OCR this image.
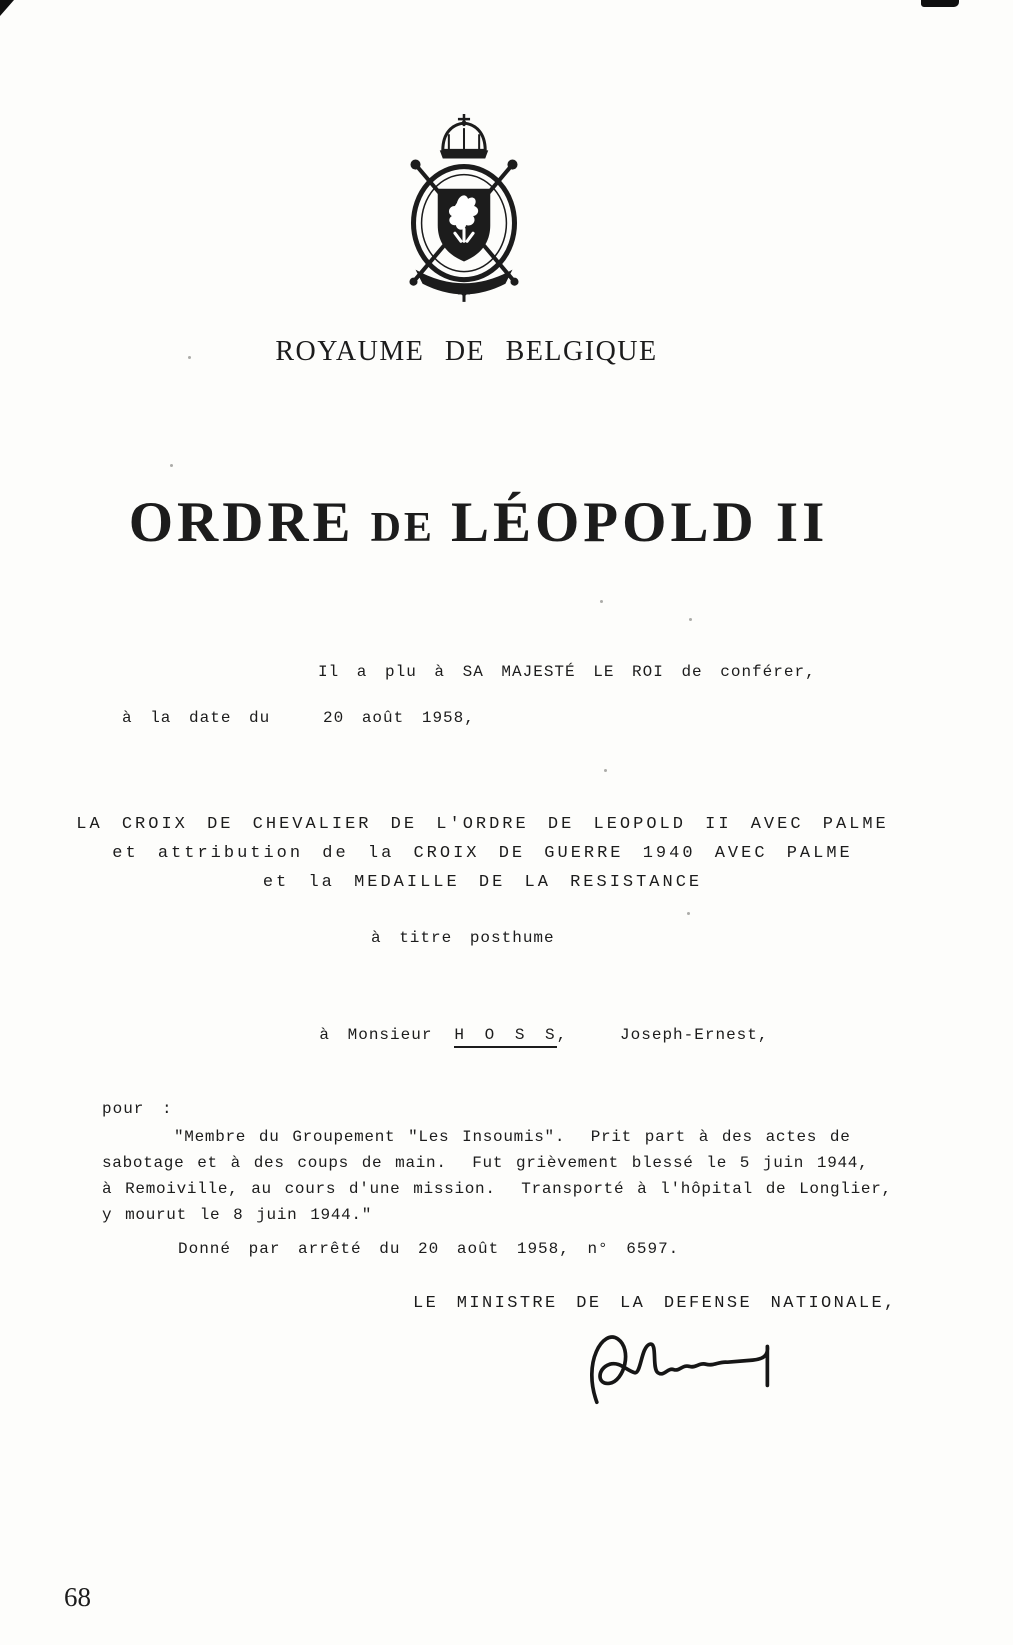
ROYAUME DE BELGIQUE

ORDRE DE LÉOPOLD II

Il a plu à SA MAJESTÉ LE ROI de conférer,
à la date du   20 août 1958,
LA CROIX DE CHEVALIER DE L'ORDRE DE LEOPOLD II AVEC PALME
et attribution de la CROIX DE GUERRE 1940 AVEC PALME
et la MEDAILLE DE LA RESISTANCE
à titre posthume

à Monsieur H O S S,   Joseph-Ernest,

pour :
"Membre du Groupement "Les Insoumis".  Prit part à des actes de
sabotage et à des coups de main.  Fut grièvement blessé le 5 juin 1944,
à Remoiville, au cours d'une mission.  Transporté à l'hôpital de Longlier,
y mourut le 8 juin 1944."
Donné par arrêté du 20 août 1958, n° 6597.
LE MINISTRE DE LA DEFENSE NATIONALE,
68
